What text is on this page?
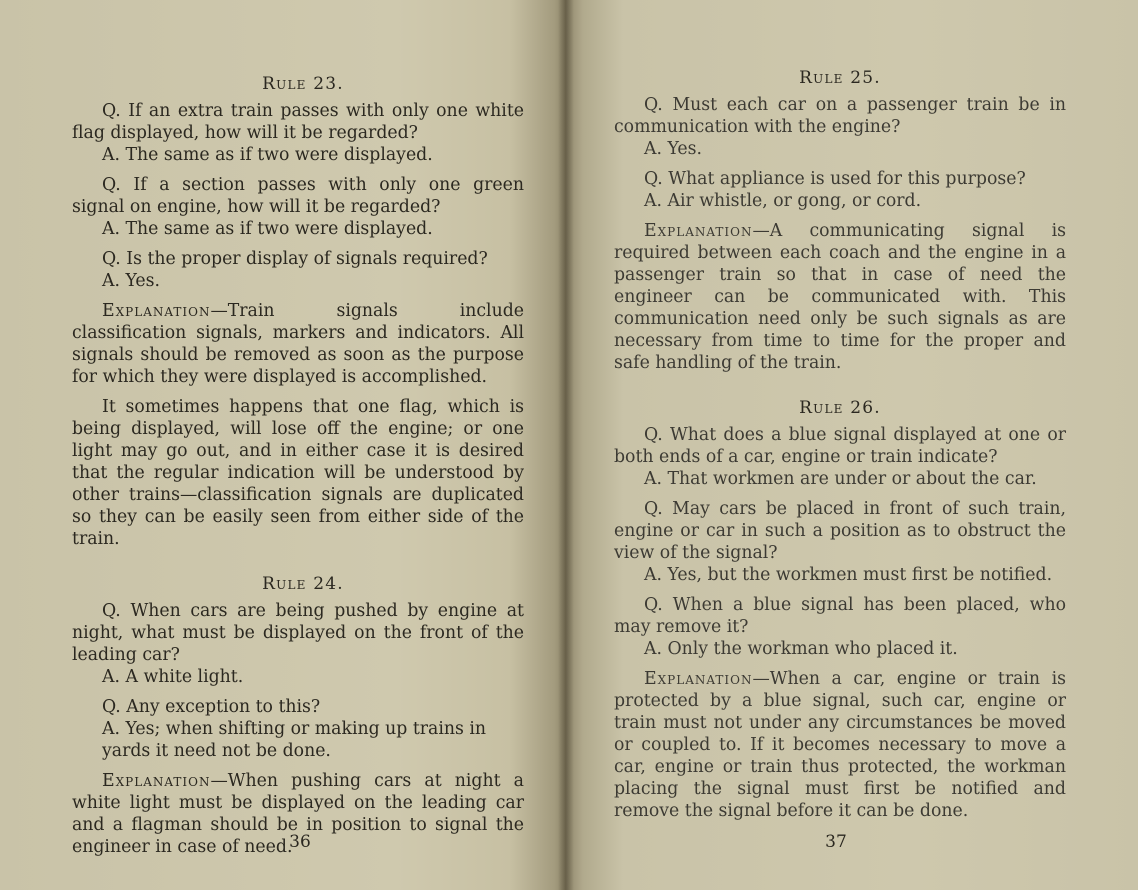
Rule 23.

Q. If an extra train passes with only one white flag displayed, how will it be regarded?

A. The same as if two were displayed.

Q. If a section passes with only one green signal on engine, how will it be regarded?

A. The same as if two were displayed.

Q. Is the proper display of signals required?

A. Yes.

Explanation—Train signals include classification signals, markers and indicators. All signals should be removed as soon as the purpose for which they were displayed is accomplished.

It sometimes happens that one flag, which is being displayed, will lose off the engine; or one light may go out, and in either case it is desired that the regular indication will be understood by other trains—classification signals are duplicated so they can be easily seen from either side of the train.

Rule 24.

Q. When cars are being pushed by engine at night, what must be displayed on the front of the leading car?

A. A white light.

Q. Any exception to this?

A. Yes; when shifting or making up trains in yards it need not be done.

Explanation—When pushing cars at night a white light must be displayed on the leading car and a flagman should be in position to signal the engineer in case of need.

36
Rule 25.

Q. Must each car on a passenger train be in communication with the engine?

A. Yes.

Q. What appliance is used for this purpose?

A. Air whistle, or gong, or cord.

Explanation—A communicating signal is required between each coach and the engine in a passenger train so that in case of need the engineer can be communicated with. This communication need only be such signals as are necessary from time to time for the proper and safe handling of the train.

Rule 26.

Q. What does a blue signal displayed at one or both ends of a car, engine or train indicate?

A. That workmen are under or about the car.

Q. May cars be placed in front of such train, engine or car in such a position as to obstruct the view of the signal?

A. Yes, but the workmen must first be notified.

Q. When a blue signal has been placed, who may remove it?

A. Only the workman who placed it.

Explanation—When a car, engine or train is protected by a blue signal, such car, engine or train must not under any circumstances be moved or coupled to. If it becomes necessary to move a car, engine or train thus protected, the workman placing the signal must first be notified and remove the signal before it can be done.

37
